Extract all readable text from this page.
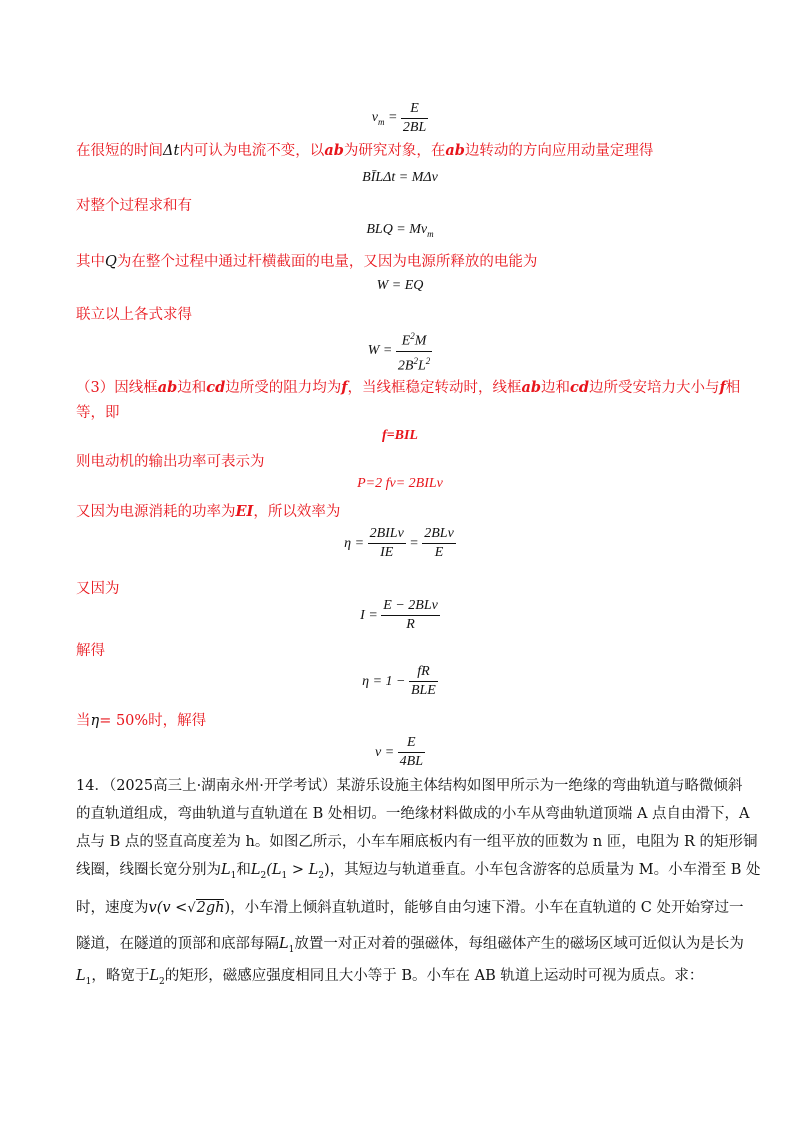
$v_m = \frac{E}{2BL}$
在很短的时间Δt内可认为电流不变，以ab为研究对象，在ab边转动的方向应用动量定理得
BĪLΔt = MΔv
对整个过程求和有
BLQ = $Mv_m$
其中Q为在整个过程中通过杆横截面的电量，又因为电源所释放的电能为
W = EQ
联立以上各式求得
$W = \frac{E^2M}{2B^2L^2}$
（3）因线框ab边和cd边所受的阻力均为f，当线框稳定转动时，线框ab边和cd边所受安培力大小与f相
等，即
f=BIL
则电动机的输出功率可表示为
P=2 fv= 2BILv
又因为电源消耗的功率为EI，所以效率为
$\eta = \frac{\text{2BILv}}{IE} = \frac{\text{2BLv}}{E}$
又因为
$I = \frac{\text{E − 2BLv}}{R}$
解得
$\eta = 1 - \frac{fR}{\text{BLE}}$
当η= 50%时，解得
$v = \frac{E}{4BL}$
14．（2025高三上·湖南永州·开学考试）某游乐设施主体结构如图甲所示为一绝缘的弯曲轨道与略微倾斜
的直轨道组成，弯曲轨道与直轨道在 B 处相切。一绝缘材料做成的小车从弯曲轨道顶端 A 点自由滑下，A
点与 B 点的竖直高度差为 h。如图乙所示，小车车厢底板内有一组平放的匝数为 n 匝，电阻为 R 的矩形铜
线圈，线圈长宽分别为$L_1$和$L_2(L_1 > L_2)$，其短边与轨道垂直。小车包含游客的总质量为 M。小车滑至 B 处
时，速度为v(v <√2gh)，小车滑上倾斜直轨道时，能够自由匀速下滑。小车在直轨道的 C 处开始穿过一
隧道，在隧道的顶部和底部每隔$L_1$放置一对正对着的强磁体，每组磁体产生的磁场区域可近似认为是长为
$L_1$，略宽于$L_2$的矩形，磁感应强度相同且大小等于 B。小车在 AB 轨道上运动时可视为质点。求：
